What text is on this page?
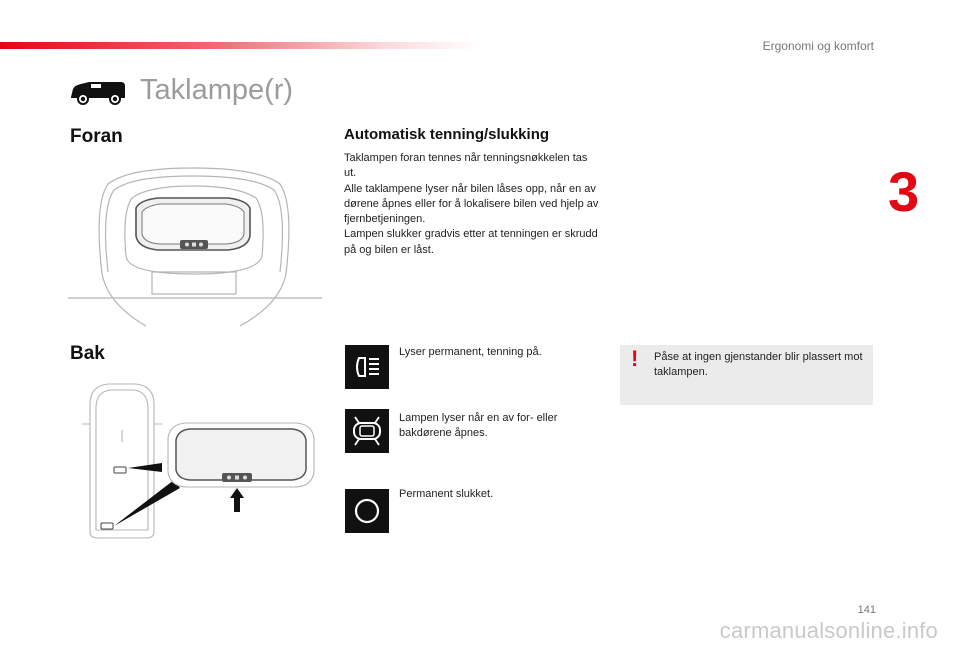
Ergonomi og komfort
3
Taklampe(r)
Foran	Automatisk tenning/slukking
Taklampen foran tennes når tenningsnøkkelen tas ut.
Alle taklampene lyser når bilen låses opp, når en av dørene åpnes eller for å lokalisere bilen ved hjelp av fjernbetjeningen.
Lampen slukker gradvis etter at tenningen er skrudd på og bilen er låst.
Bak	Lyser permanent, tenning på.
Lampen lyser når en av for- eller bakdørene åpnes.
Permanent slukket.
! Påse at ingen gjenstander blir plassert mot taklampen.
141
carmanualsonline.info
